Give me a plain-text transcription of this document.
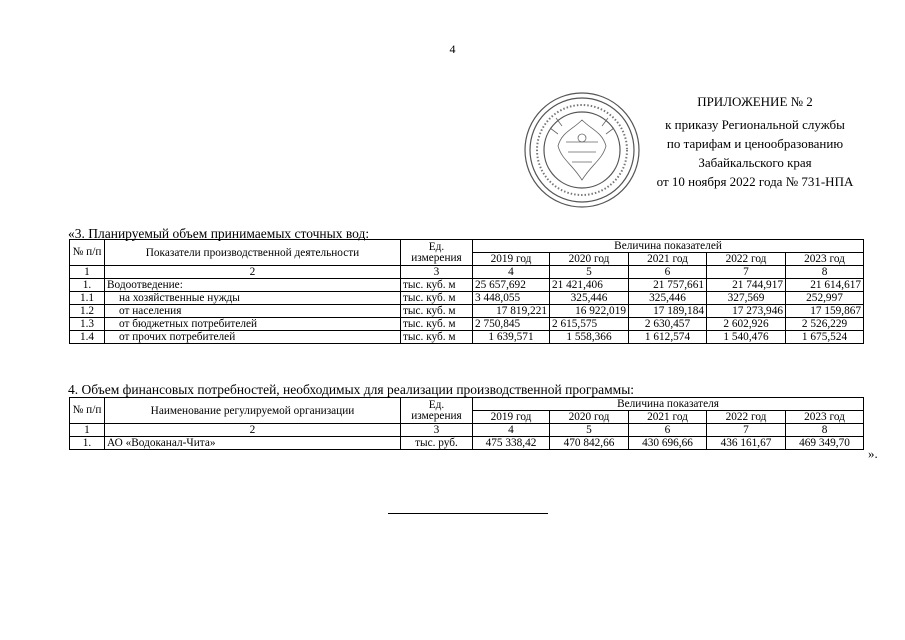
4
ПРИЛОЖЕНИЕ № 2
к приказу Региональной службы
по тарифам и ценообразованию
Забайкальского края
от 10 ноября 2022 года № 731-НПА
«3. Планируемый объем принимаемых сточных вод:
№ п/п	Показатели производственной деятельности	Ед. измерения	Величина показателей				
			2019 год	2020 год	2021 год	2022 год	2023 год
1	2	3	4	5	6	7	8
1.	Водоотведение:	тыс. куб. м	25 657,692	21 421,406	21 757,661	21 744,917	21 614,617
1.1	на хозяйственные нужды	тыс. куб. м	3 448,055	325,446	325,446	327,569	252,997
1.2	от населения	тыс. куб. м	17 819,221	16 922,019	17 189,184	17 273,946	17 159,867
1.3	от бюджетных потребителей	тыс. куб. м	2 750,845	2 615,575	2 630,457	2 602,926	2 526,229
1.4	от прочих потребителей	тыс. куб. м	1 639,571	1 558,366	1 612,574	1 540,476	1 675,524
4. Объем финансовых потребностей, необходимых для реализации производственной программы:
№ п/п	Наименование регулируемой организации	Ед. измерения	Величина показателя				
			2019 год	2020 год	2021 год	2022 год	2023 год
1	2	3	4	5	6	7	8
1.	АО «Водоканал-Чита»	тыс. руб.	475 338,42	470 842,66	430 696,66	436 161,67	469 349,70
».
